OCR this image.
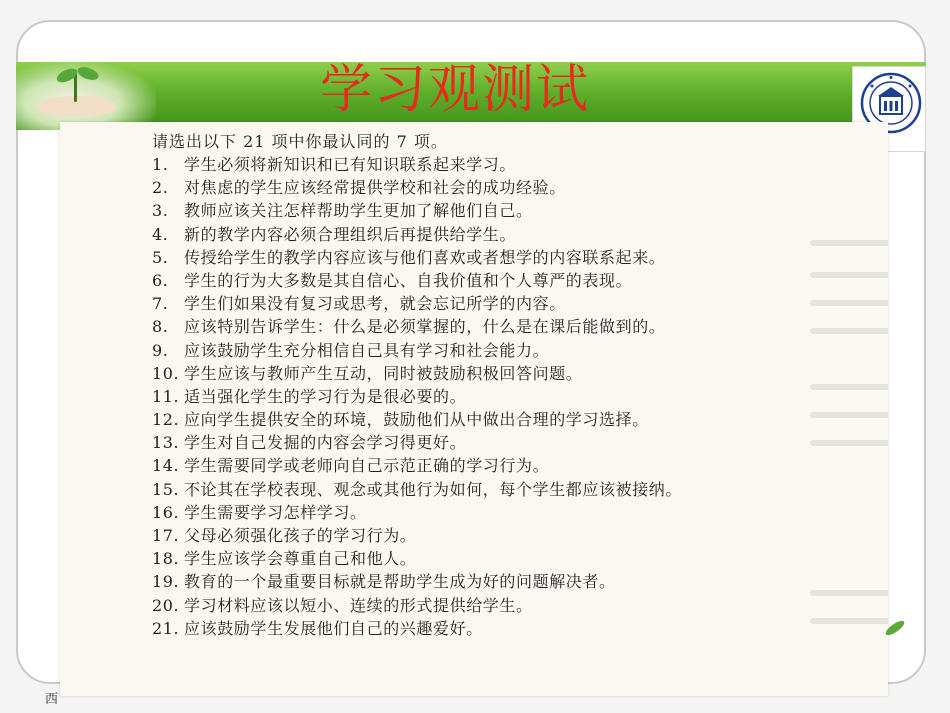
学习观测试

请选出以下 21 项中你最认同的 7 项。

1. 学生必须将新知识和已有知识联系起来学习。
2. 对焦虑的学生应该经常提供学校和社会的成功经验。
3. 教师应该关注怎样帮助学生更加了解他们自己。
4. 新的教学内容必须合理组织后再提供给学生。
5. 传授给学生的教学内容应该与他们喜欢或者想学的内容联系起来。
6. 学生的行为大多数是其自信心、自我价值和个人尊严的表现。
7. 学生们如果没有复习或思考，就会忘记所学的内容。
8. 应该特别告诉学生：什么是必须掌握的，什么是在课后能做到的。
9. 应该鼓励学生充分相信自己具有学习和社会能力。
10. 学生应该与教师产生互动，同时被鼓励积极回答问题。
11. 适当强化学生的学习行为是很必要的。
12. 应向学生提供安全的环境，鼓励他们从中做出合理的学习选择。
13. 学生对自己发掘的内容会学习得更好。
14. 学生需要同学或老师向自己示范正确的学习行为。
15. 不论其在学校表现、观念或其他行为如何，每个学生都应该被接纳。
16. 学生需要学习怎样学习。
17. 父母必须强化孩子的学习行为。
18. 学生应该学会尊重自己和他人。
19. 教育的一个最重要目标就是帮助学生成为好的问题解决者。
20. 学习材料应该以短小、连续的形式提供给学生。
21. 应该鼓励学生发展他们自己的兴趣爱好。
西
